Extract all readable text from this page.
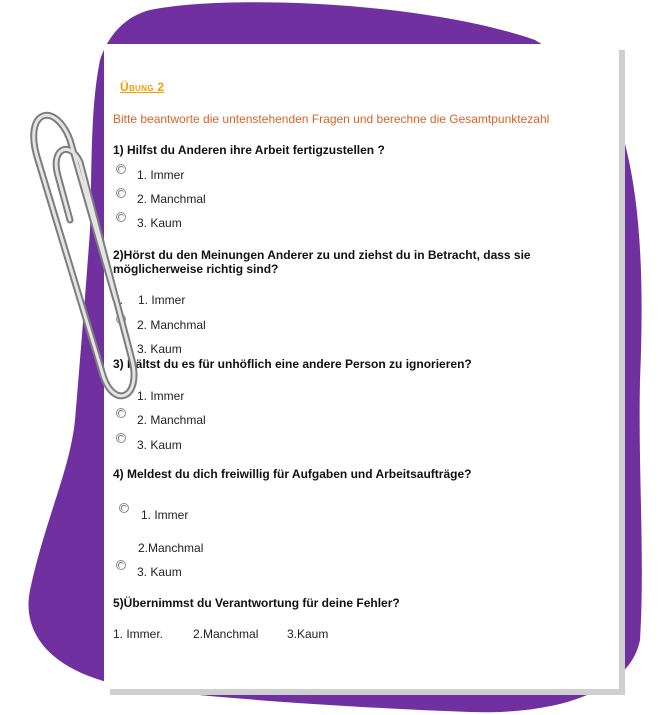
Übung 2
Bitte beantworte die untenstehenden Fragen und berechne die Gesamtpunktezahl
1) Hilfst du Anderen ihre Arbeit fertigzustellen ?
1. Immer
2. Manchmal
3. Kaum
2)Hörst du den Meinungen Anderer zu und ziehst du in Betracht, dass sie möglicherweise richtig sind?
1. 1. Immer
2. Manchmal
3. Kaum
3) Hältst du es für unhöflich eine andere Person zu ignorieren?
1. Immer
2. Manchmal
3. Kaum
4) Meldest du dich freiwillig für Aufgaben und Arbeitsaufträge?
1. Immer
2.Manchmal
3. Kaum
5)Übernimmst du Verantwortung für deine Fehler?
1. Immer. 2.Manchmal 3.Kaum
